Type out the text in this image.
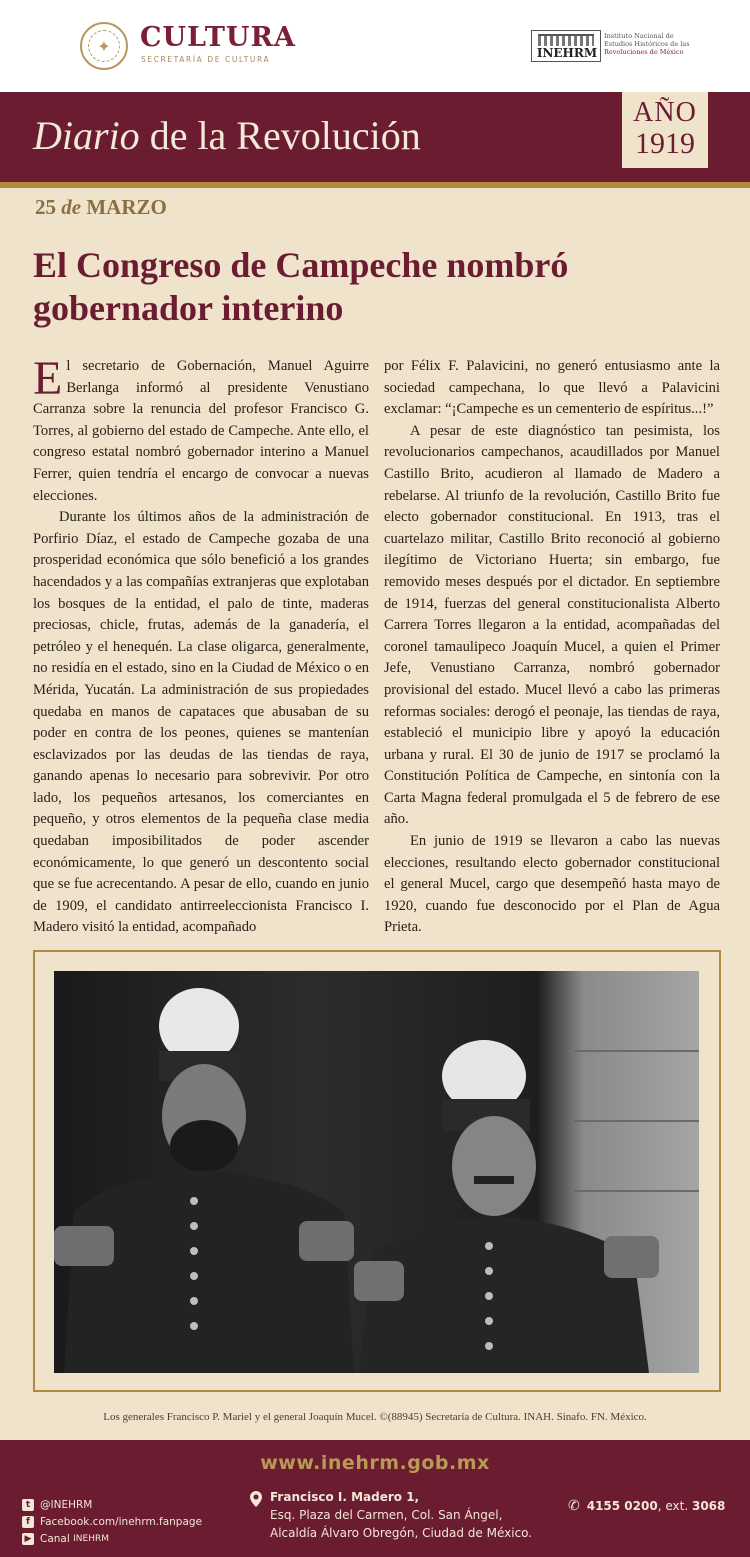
✦	CULTURA
SECRETARÍA DE CULTURA	INEHRM
Instituto Nacional de
Estudios Históricos de las
Revoluciones de México
Diario de la Revolución
AÑO
1919
25 de MARZO
El Congreso de Campeche nombró gobernador interino

El secretario de Gobernación, Manuel Aguirre Berlanga informó al presidente Venustiano Carranza sobre la renuncia del profesor Francisco G. Torres, al gobierno del estado de Campeche. Ante ello, el congreso estatal nombró gobernador interino a Manuel Ferrer, quien tendría el encargo de convocar a nuevas elecciones.

Durante los últimos años de la administración de Porfirio Díaz, el estado de Campeche gozaba de una prosperidad económica que sólo benefició a los grandes hacendados y a las compañías extranjeras que explotaban los bosques de la entidad, el palo de tinte, maderas preciosas, chicle, frutas, además de la ganadería, el petróleo y el henequén. La clase oligarca, generalmente, no residía en el estado, sino en la Ciudad de México o en Mérida, Yucatán. La administración de sus propiedades quedaba en manos de capataces que abusaban de su poder en contra de los peones, quienes se mantenían esclavizados por las deudas de las tiendas de raya, ganando apenas lo necesario para sobrevivir. Por otro lado, los pequeños artesanos, los comerciantes en pequeño, y otros elementos de la pequeña clase media quedaban imposibilitados de poder ascender económicamente, lo que generó un descontento social que se fue acrecentando. A pesar de ello, cuando en junio de 1909, el candidato antirreeleccionista Francisco I. Madero visitó la entidad, acompañado

por Félix F. Palavicini, no generó entusiasmo ante la sociedad campechana, lo que llevó a Palavicini exclamar: “¡Campeche es un cementerio de espíritus...!”

A pesar de este diagnóstico tan pesimista, los revolucionarios campechanos, acaudillados por Manuel Castillo Brito, acudieron al llamado de Madero a rebelarse. Al triunfo de la revolución, Castillo Brito fue electo gobernador constitucional. En 1913, tras el cuartelazo militar, Castillo Brito reconoció al gobierno ilegítimo de Victoriano Huerta; sin embargo, fue removido meses después por el dictador. En septiembre de 1914, fuerzas del general constitucionalista Alberto Carrera Torres llegaron a la entidad, acompañadas del coronel tamaulipeco Joaquín Mucel, a quien el Primer Jefe, Venustiano Carranza, nombró gobernador provisional del estado. Mucel llevó a cabo las primeras reformas sociales: derogó el peonaje, las tiendas de raya, estableció el municipio libre y apoyó la educación urbana y rural. El 30 de junio de 1917 se proclamó la Constitución Política de Campeche, en sintonía con la Carta Magna federal promulgada el 5 de febrero de ese año.

En junio de 1919 se llevaron a cabo las nuevas elecciones, resultando electo gobernador constitucional el general Mucel, cargo que desempeñó hasta mayo de 1920, cuando fue desconocido por el Plan de Agua Prieta.

Los generales Francisco P. Mariel y el general Joaquín Mucel. ©(88945) Secretaría de Cultura. INAH. Sinafo. FN. México.
www.inehrm.gob.mx
t @INEHRM
f Facebook.com/inehrm.fanpage
▶ Canal
INEHRM
Francisco I. Madero 1,
Esq. Plaza del Carmen, Col. San Ángel,
Alcaldía Álvaro Obregón, Ciudad de México.
✆ 4155 0200 , ext.
3068
